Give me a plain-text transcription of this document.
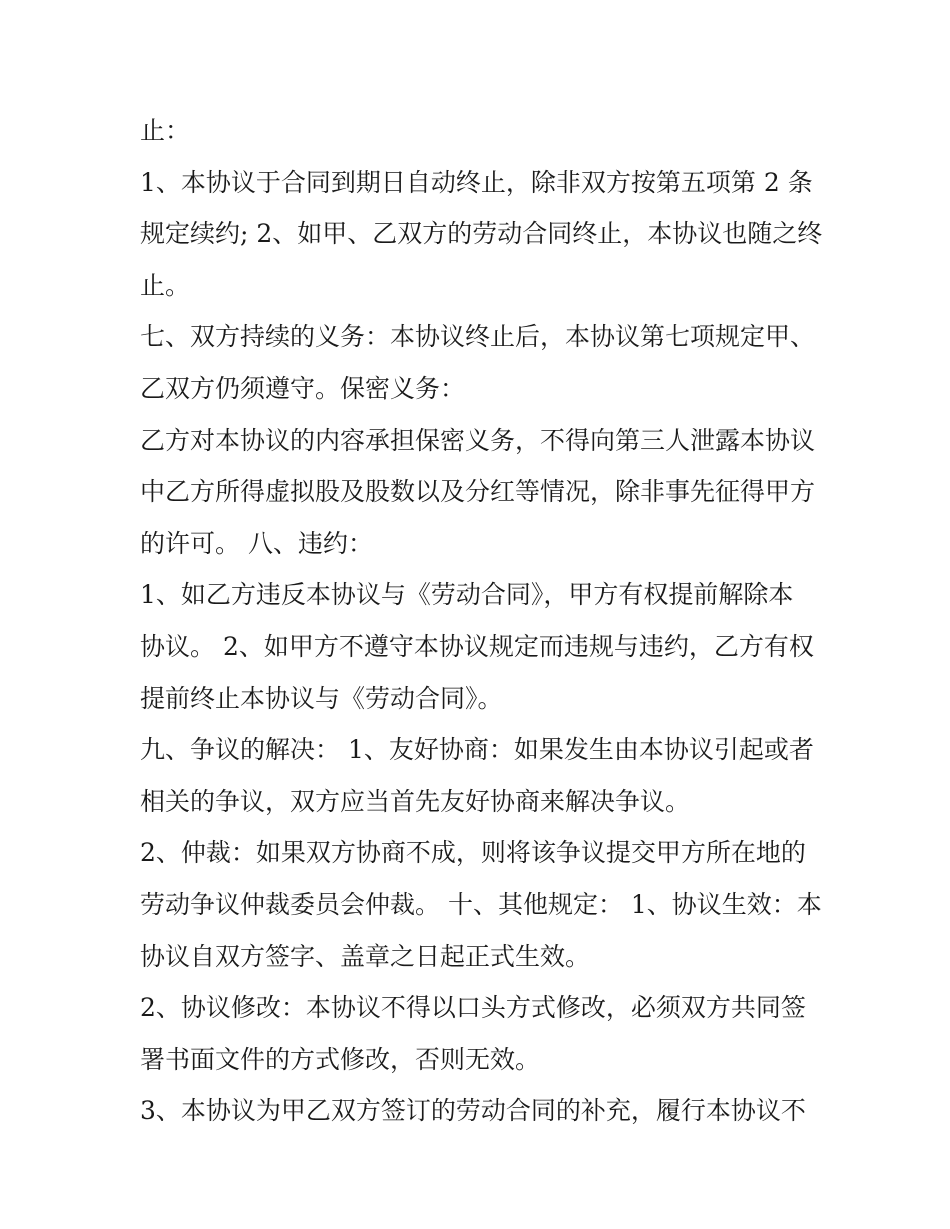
止：
1、本协议于合同到期日自动终止，除非双方按第五项第 2 条
规定续约; 2、如甲、乙双方的劳动合同终止，本协议也随之终
止。
七、双方持续的义务：本协议终止后，本协议第七项规定甲、
乙双方仍须遵守。保密义务：
乙方对本协议的内容承担保密义务，不得向第三人泄露本协议
中乙方所得虚拟股及股数以及分红等情况，除非事先征得甲方
的许可。 八、违约：
1、如乙方违反本协议与《劳动合同》，甲方有权提前解除本
协议。 2、如甲方不遵守本协议规定而违规与违约，乙方有权
提前终止本协议与《劳动合同》。
九、争议的解决： 1、友好协商：如果发生由本协议引起或者
相关的争议，双方应当首先友好协商来解决争议。
2、仲裁：如果双方协商不成，则将该争议提交甲方所在地的
劳动争议仲裁委员会仲裁。 十、其他规定： 1、协议生效：本
协议自双方签字、盖章之日起正式生效。
2、协议修改：本协议不得以口头方式修改，必须双方共同签
署书面文件的方式修改，否则无效。
3、本协议为甲乙双方签订的劳动合同的补充，履行本协议不
